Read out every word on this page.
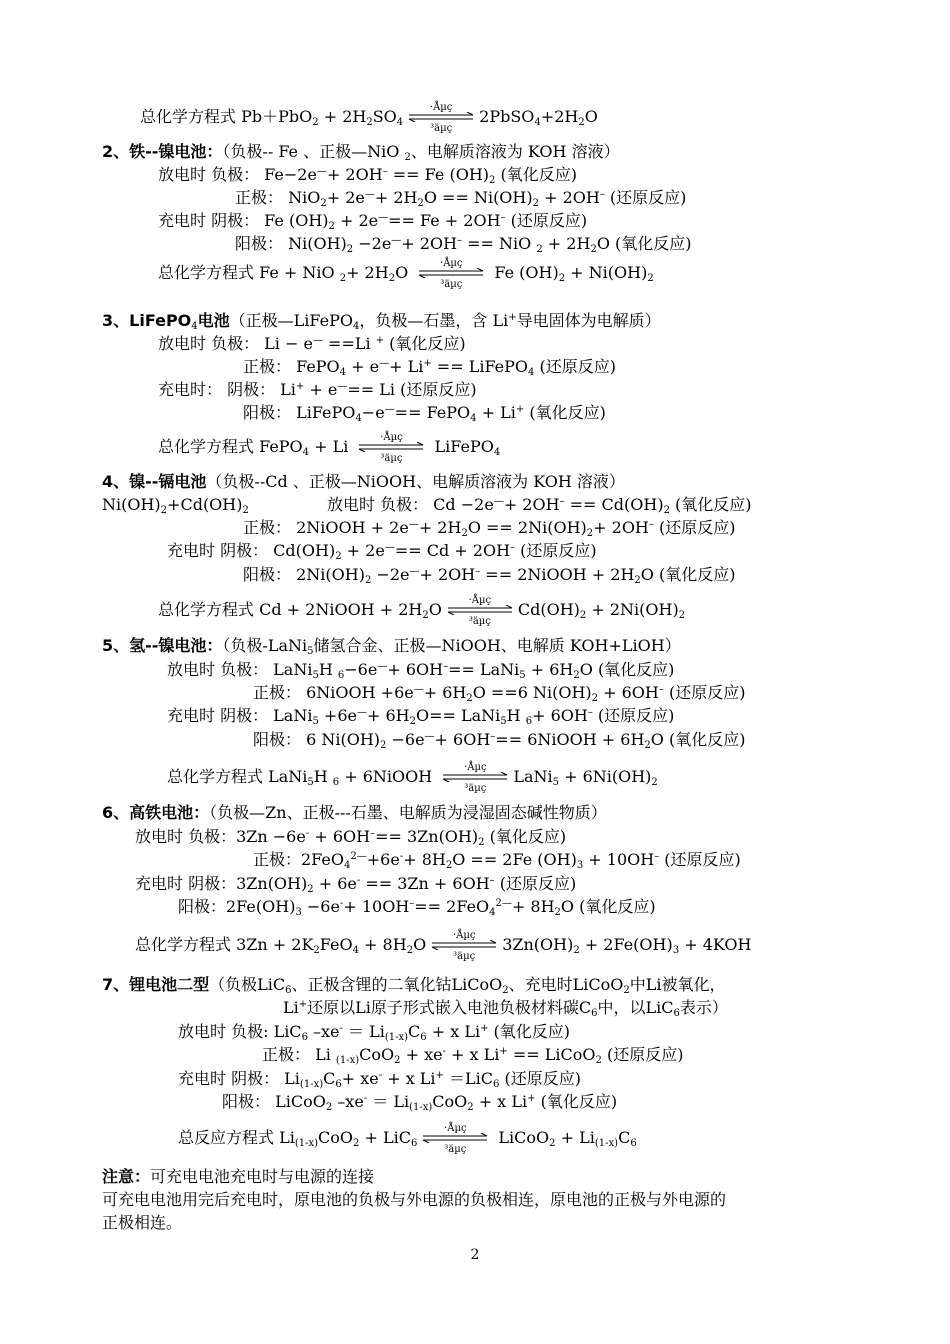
总化学方程式 $Pb+PbO_2 + 2H_2SO_4$
·Åµç
³äµç
$2PbSO_4+2H_2O$
2、铁--镍电池：（负极-- Fe 、正极—NiO $_2$、电解质溶液为 KOH 溶液）
放电时 负极： Fe−2e—+ 2OH– == Fe $(OH)_2$ (氧化反应)
正极： $NiO_2+ 2e^—+ 2H_2O == Ni(OH)_2 + 2OH^-$ (还原反应)
充电时 阴极： Fe $(OH)_2 + 2e^—== Fe + 2OH^-$ (还原反应)
阳极： $Ni(OH)_2 -2e^—+ 2OH^-$ == NiO $_2 + 2H_2O$ (氧化反应)
总化学方程式 Fe + NiO $_2+ 2H_2O$	·Åµç
³äµç
Fe $(OH)_2 + Ni(OH)_2$
3、LiFePO$_4$电池（正极—LiFePO$_4$，负极—石墨，含 Li+导电固体为电解质）
放电时 负极： Li − e— ==Li + (氧化反应)
正极： FePO$_4$ + e—+ Li+ == LiFePO$_4$ (还原反应)
充电时： 阴极： Li+ + e—== Li (还原反应)
阳极： LiFePO$_4$−e—== FePO$_4$ + Li+ (氧化反应)
总化学方程式 FePO$_4$ + Li	·Åµç
³äµç
LiFePO$_4$
4、镍--镉电池（负极--Cd 、正极—NiOOH、电解质溶液为 KOH 溶液）
$Ni(OH)_2+Cd(OH)_2$	放电时 负极： $Cd -2e^—+ 2OH^- == Cd(OH)_2$ (氧化反应)
正极： 2NiOOH + $2e^—+ 2H_2O == 2Ni(OH)_2+ 2OH^-$ (还原反应)
充电时 阴极： $Cd(OH)_2 + 2e^—== Cd + 2OH^-$ (还原反应)
阳极： $2Ni(OH)_2 -2e^—+ 2OH^-$ == 2NiOOH + $2H_2O$ (氧化反应)
总化学方程式 Cd + 2NiOOH + $2H_2O$	·Åµç
³äµç
$Cd(OH)_2 + 2Ni(OH)_2$
5、氢--镍电池：（负极-LaNi$_5$储氢合金、正极—NiOOH、电解质 KOH+LiOH）
放电时 负极： LaNi$_5$H $_6$−6e—+ 6OH–== LaNi$_5$ + $6H_2O$ (氧化反应)
正极： 6NiOOH $+6e^—+ 6H_2O ==6$ $Ni(OH)_2 + 6OH^-$ (还原反应)
充电时 阴极： LaNi$_5$ $+6e^—+ 6H_2O==$ LaNi$_5$H $_6$+ 6OH– (还原反应)
阳极： 6 $Ni(OH)_2 -6e^—+ 6OH^-==$ 6NiOOH + $6H_2O$ (氧化反应)
总化学方程式 LaNi$_5$H $_6$ + 6NiOOH	·Åµç
³äµç
LaNi$_5$ + $6Ni(OH)_2$
6、高铁电池：（负极—Zn、正极---石墨、电解质为浸湿固态碱性物质）
放电时 负极：$3Zn -6e^- + 6OH^-== 3Zn(OH)_2$ (氧化反应)
正极：$2FeO_4^{2—}+6e^-+ 8H_2O == 2Fe$ $(OH)_3 + 10OH^-$ (还原反应)
充电时 阴极：$3Zn(OH)_2 + 6e^- == 3Zn + 6OH^-$ (还原反应)
阳极：$2Fe(OH)_3 -6e^-+ 10OH^-== 2FeO_4^{2—}+ 8H_2O$ (氧化反应)
总化学方程式 $3Zn + 2K_2FeO_4 + 8H_2O$	·Åµç
³äµç
$3Zn(OH)_2 + 2Fe(OH)_3 + 4KOH$
7、锂电池二型（负极LiC$_6$、正极含锂的二氧化钴LiCoO$_2$、充电时LiCoO$_2$中Li被氧化，
Li+还原以Li原子形式嵌入电池负极材料碳$C_6$中，以LiC$_6$表示）
放电时 负极: LiC$_6$ $-xe^- = Li_{(1-x)}C_6 + x$ Li+ (氧化反应)
正极： Li $_{(1-x)}$CoO$_2$ + xe- + x Li+ == LiCoO$_2$ (还原反应)
充电时 阴极： $Li_{(1-x)}C_6+ xe^- + x$ Li+ ＝LiC$_6$ (还原反应)
阳极： LiCoO$_2$ $-xe^- = Li_{(1-x)}CoO_2 + x$ Li+ (氧化反应)
总反应方程式 $Li_{(1-x)}CoO_2 + LiC_6$
·Åµç
³äµç
LiCoO$_2$ + $Li_{(1-x)}C_6$
注意：可充电电池充电时与电源的连接
可充电电池用完后充电时，原电池的负极与外电源的负极相连，原电池的正极与外电源的
正极相连。
2
